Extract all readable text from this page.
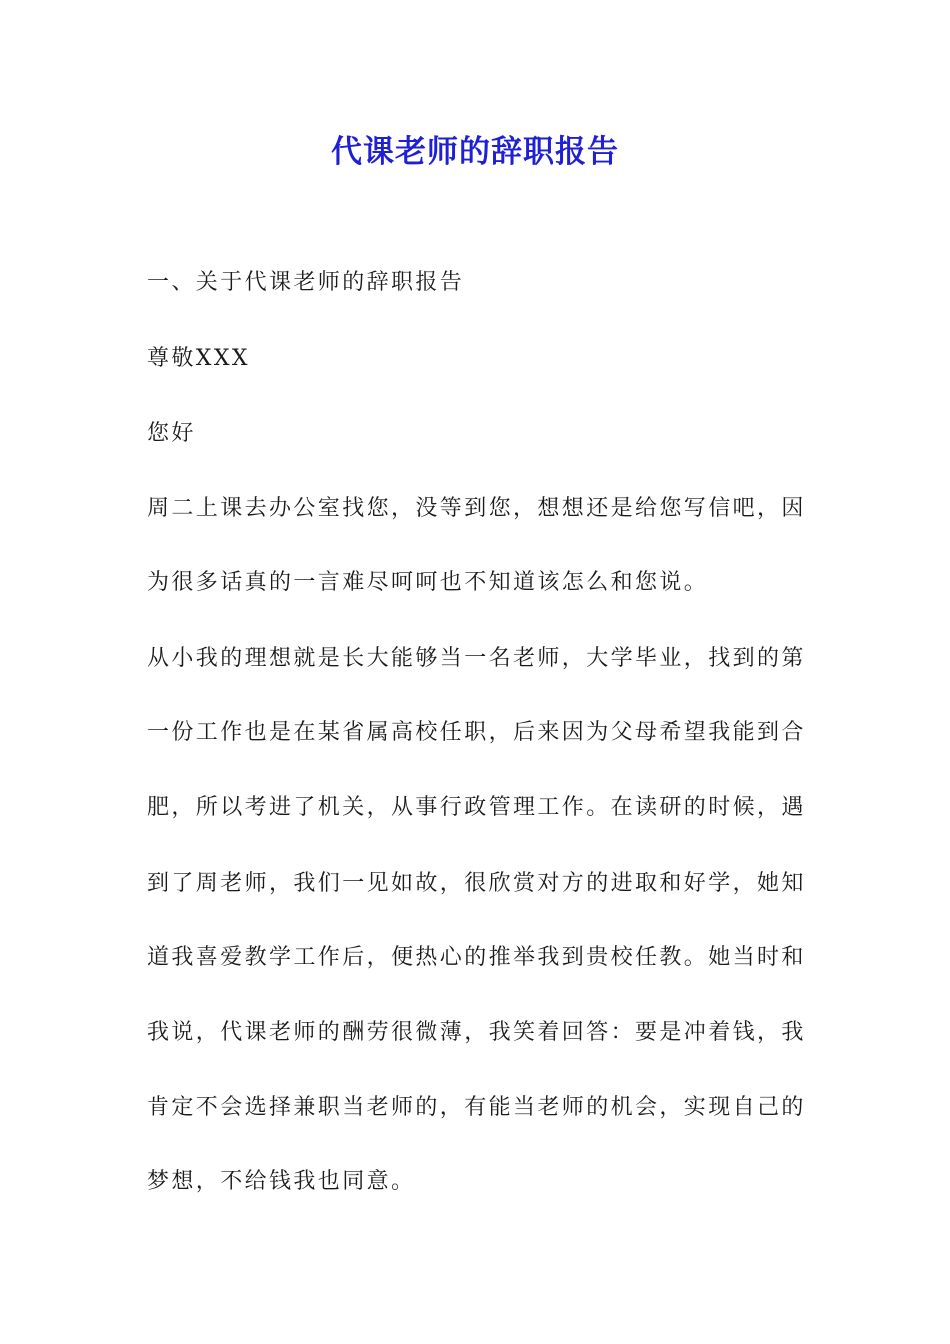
代课老师的辞职报告
一、关于代课老师的辞职报告
尊敬XXX
您好
周二上课去办公室找您，没等到您，想想还是给您写信吧，因
为很多话真的一言难尽呵呵也不知道该怎么和您说。
从小我的理想就是长大能够当一名老师，大学毕业，找到的第
一份工作也是在某省属高校任职，后来因为父母希望我能到合
肥，所以考进了机关，从事行政管理工作。在读研的时候，遇
到了周老师，我们一见如故，很欣赏对方的进取和好学，她知
道我喜爱教学工作后，便热心的推举我到贵校任教。她当时和
我说，代课老师的酬劳很微薄，我笑着回答：要是冲着钱，我
肯定不会选择兼职当老师的，有能当老师的机会，实现自己的
梦想，不给钱我也同意。
